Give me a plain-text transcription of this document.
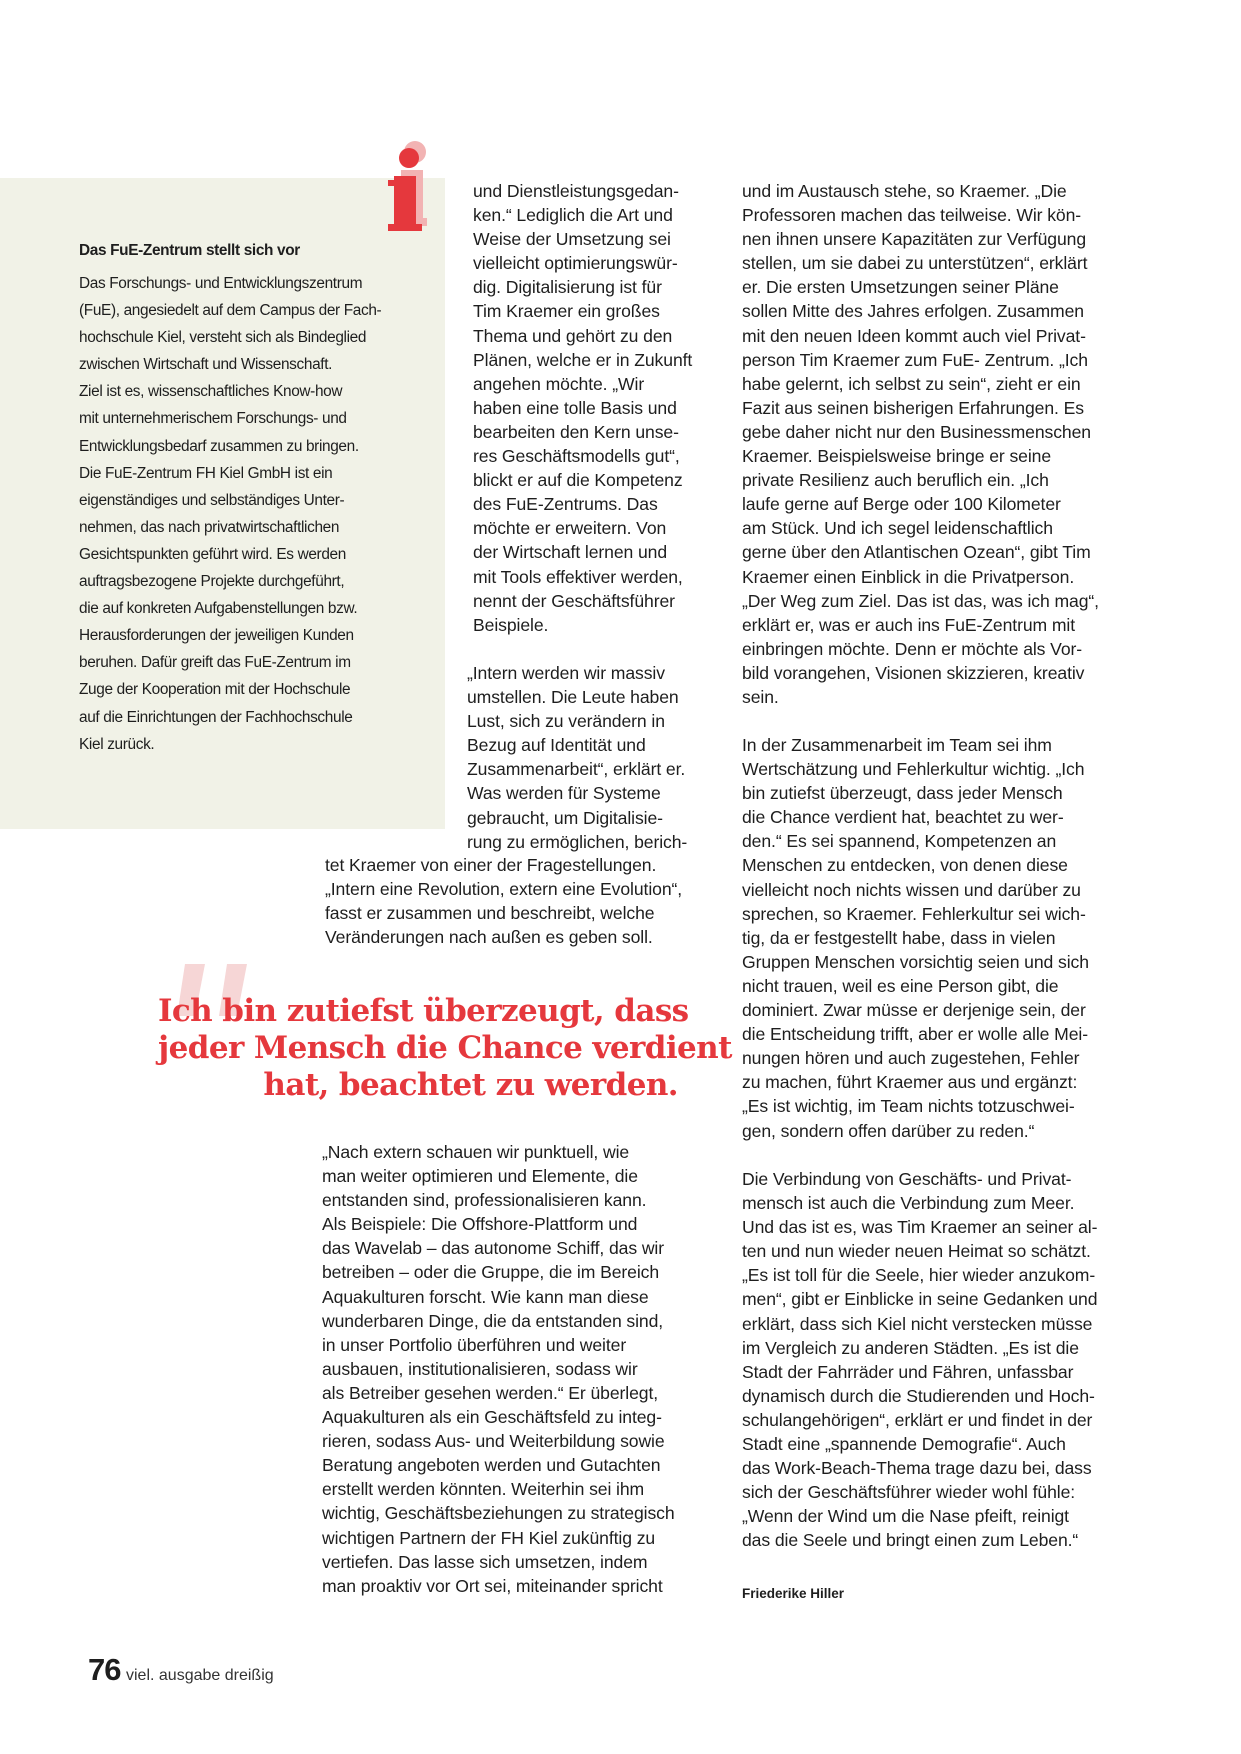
Das FuE-Zentrum stellt sich vor
Das Forschungs- und Entwicklungszentrum
(FuE), angesiedelt auf dem Campus der Fach-
hochschule Kiel, versteht sich als Bindeglied
zwischen Wirtschaft und Wissenschaft.
Ziel ist es, wissenschaftliches Know-how
mit unternehmerischem Forschungs- und
Entwicklungsbedarf zusammen zu bringen.
Die FuE-Zentrum FH Kiel GmbH ist ein
eigenständiges und selbständiges Unter-
nehmen, das nach privatwirtschaftlichen
Gesichtspunkten geführt wird. Es werden
auftragsbezogene Projekte durchgeführt,
die auf konkreten Aufgabenstellungen bzw.
Herausforderungen der jeweiligen Kunden
beruhen. Dafür greift das FuE-Zentrum im
Zuge der Kooperation mit der Hochschule
auf die Einrichtungen der Fachhochschule
Kiel zurück.
und Dienstleistungsgedan-
ken.“ Lediglich die Art und
Weise der Umsetzung sei
vielleicht optimierungswür-
dig. Digitalisierung ist für
Tim Kraemer ein großes
Thema und gehört zu den
Plänen, welche er in Zukunft
angehen möchte. „Wir
haben eine tolle Basis und
bearbeiten den Kern unse-
res Geschäftsmodells gut“,
blickt er auf die Kompetenz
des FuE-Zentrums. Das
möchte er erweitern. Von
der Wirtschaft lernen und
mit Tools effektiver werden,
nennt der Geschäftsführer
Beispiele.
„Intern werden wir massiv
umstellen. Die Leute haben
Lust, sich zu verändern in
Bezug auf Identität und
Zusammenarbeit“, erklärt er.
Was werden für Systeme
gebraucht, um Digitalisie-
rung zu ermöglichen, berich-
tet Kraemer von einer der Fragestellungen.
„Intern eine Revolution, extern eine Evolution“,
fasst er zusammen und beschreibt, welche
Veränderungen nach außen es geben soll.
Ich bin zutiefst überzeugt, dass
jeder Mensch die Chance verdient
hat, beachtet zu werden.
„Nach extern schauen wir punktuell, wie
man weiter optimieren und Elemente, die
entstanden sind, professionalisieren kann.
Als Beispiele: Die Offshore-Plattform und
das Wavelab – das autonome Schiff, das wir
betreiben – oder die Gruppe, die im Bereich
Aquakulturen forscht. Wie kann man diese
wunderbaren Dinge, die da entstanden sind,
in unser Portfolio überführen und weiter
ausbauen, institutionalisieren, sodass wir
als Betreiber gesehen werden.“ Er überlegt,
Aquakulturen als ein Geschäftsfeld zu integ-
rieren, sodass Aus- und Weiterbildung sowie
Beratung angeboten werden und Gutachten
erstellt werden könnten. Weiterhin sei ihm
wichtig, Geschäftsbeziehungen zu strategisch
wichtigen Partnern der FH Kiel zukünftig zu
vertiefen. Das lasse sich umsetzen, indem
man proaktiv vor Ort sei, miteinander spricht
und im Austausch stehe, so Kraemer. „Die
Professoren machen das teilweise. Wir kön-
nen ihnen unsere Kapazitäten zur Verfügung
stellen, um sie dabei zu unterstützen“, erklärt
er. Die ersten Umsetzungen seiner Pläne
sollen Mitte des Jahres erfolgen. Zusammen
mit den neuen Ideen kommt auch viel Privat-
person Tim Kraemer zum FuE- Zentrum. „Ich
habe gelernt, ich selbst zu sein“, zieht er ein
Fazit aus seinen bisherigen Erfahrungen. Es
gebe daher nicht nur den Businessmenschen
Kraemer. Beispielsweise bringe er seine
private Resilienz auch beruflich ein. „Ich
laufe gerne auf Berge oder 100 Kilometer
am Stück. Und ich segel leidenschaftlich
gerne über den Atlantischen Ozean“, gibt Tim
Kraemer einen Einblick in die Privatperson.
„Der Weg zum Ziel. Das ist das, was ich mag“,
erklärt er, was er auch ins FuE-Zentrum mit
einbringen möchte. Denn er möchte als Vor-
bild vorangehen, Visionen skizzieren, kreativ
sein.
In der Zusammenarbeit im Team sei ihm
Wertschätzung und Fehlerkultur wichtig. „Ich
bin zutiefst überzeugt, dass jeder Mensch
die Chance verdient hat, beachtet zu wer-
den.“ Es sei spannend, Kompetenzen an
Menschen zu entdecken, von denen diese
vielleicht noch nichts wissen und darüber zu
sprechen, so Kraemer. Fehlerkultur sei wich-
tig, da er festgestellt habe, dass in vielen
Gruppen Menschen vorsichtig seien und sich
nicht trauen, weil es eine Person gibt, die
dominiert. Zwar müsse er derjenige sein, der
die Entscheidung trifft, aber er wolle alle Mei-
nungen hören und auch zugestehen, Fehler
zu machen, führt Kraemer aus und ergänzt:
„Es ist wichtig, im Team nichts totzuschwei-
gen, sondern offen darüber zu reden.“
Die Verbindung von Geschäfts- und Privat-
mensch ist auch die Verbindung zum Meer.
Und das ist es, was Tim Kraemer an seiner al-
ten und nun wieder neuen Heimat so schätzt.
„Es ist toll für die Seele, hier wieder anzukom-
men“, gibt er Einblicke in seine Gedanken und
erklärt, dass sich Kiel nicht verstecken müsse
im Vergleich zu anderen Städten. „Es ist die
Stadt der Fahrräder und Fähren, unfassbar
dynamisch durch die Studierenden und Hoch-
schulangehörigen“, erklärt er und findet in der
Stadt eine „spannende Demografie“. Auch
das Work-Beach-Thema trage dazu bei, dass
sich der Geschäftsführer wieder wohl fühle:
„Wenn der Wind um die Nase pfeift, reinigt
das die Seele und bringt einen zum Leben.“
Friederike Hiller
76 viel. ausgabe dreißig
